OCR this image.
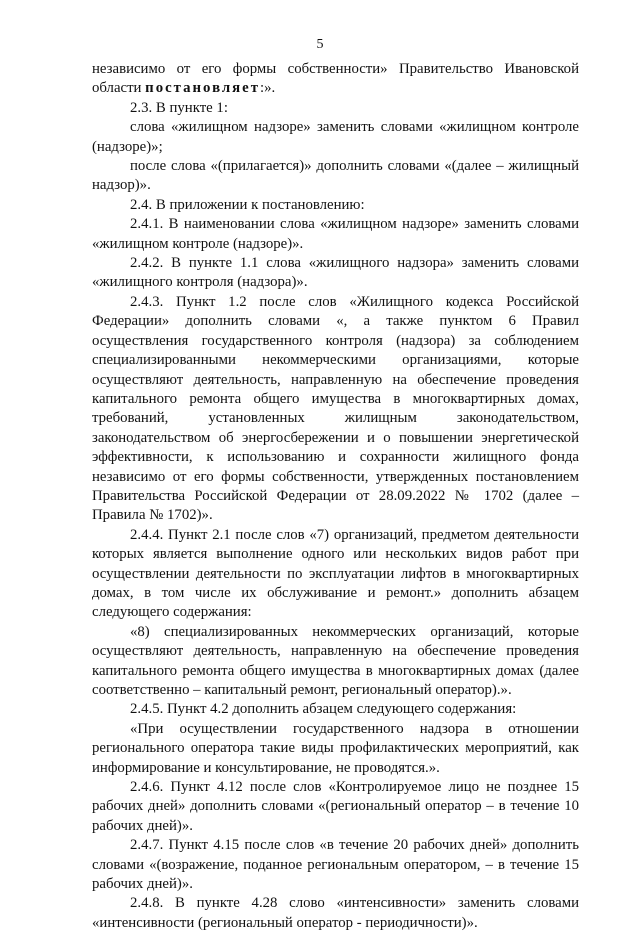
5

независимо от его формы собственности» Правительство Ивановской области постановляет:».

2.3. В пункте 1:

слова «жилищном надзоре» заменить словами «жилищном контроле (надзоре)»;

после слова «(прилагается)» дополнить словами «(далее – жилищный надзор)».

2.4. В приложении к постановлению:

2.4.1. В наименовании слова «жилищном надзоре» заменить словами «жилищном контроле (надзоре)».

2.4.2. В пункте 1.1 слова «жилищного надзора» заменить словами «жилищного контроля (надзора)».

2.4.3. Пункт 1.2 после слов «Жилищного кодекса Российской Федерации» дополнить словами «, а также пунктом 6 Правил осуществления государственного контроля (надзора) за соблюдением специализированными некоммерческими организациями, которые осуществляют деятельность, направленную на обеспечение проведения капитального ремонта общего имущества в многоквартирных домах, требований, установленных жилищным законодательством, законодательством об энергосбережении и о повышении энергетической эффективности, к использованию и сохранности жилищного фонда независимо от его формы собственности, утвержденных постановлением Правительства Российской Федерации от 28.09.2022 № 1702 (далее – Правила № 1702)».

2.4.4. Пункт 2.1 после слов «7) организаций, предметом деятельности которых является выполнение одного или нескольких видов работ при осуществлении деятельности по эксплуатации лифтов в многоквартирных домах, в том числе их обслуживание и ремонт.» дополнить абзацем следующего содержания:

«8) специализированных некоммерческих организаций, которые осуществляют деятельность, направленную на обеспечение проведения капитального ремонта общего имущества в многоквартирных домах (далее соответственно – капитальный ремонт, региональный оператор).».

2.4.5. Пункт 4.2 дополнить абзацем следующего содержания:

«При осуществлении государственного надзора в отношении регионального оператора такие виды профилактических мероприятий, как информирование и консультирование, не проводятся.».

2.4.6. Пункт 4.12 после слов «Контролируемое лицо не позднее 15 рабочих дней» дополнить словами «(региональный оператор – в течение 10 рабочих дней)».

2.4.7. Пункт 4.15 после слов «в течение 20 рабочих дней» дополнить словами «(возражение, поданное региональным оператором, – в течение 15 рабочих дней)».

2.4.8. В пункте 4.28 слово «интенсивности» заменить словами «интенсивности (региональный оператор - периодичности)».
